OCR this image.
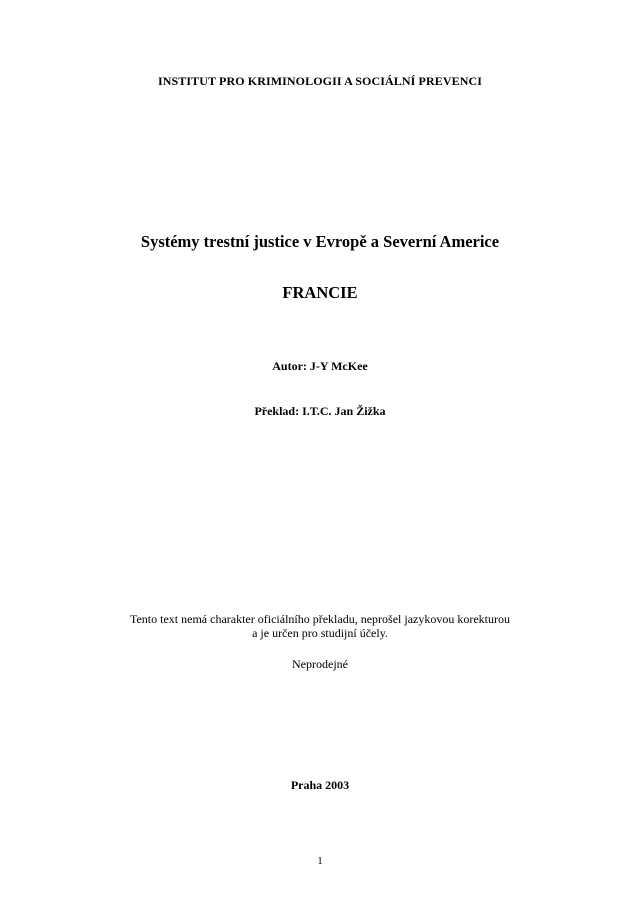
INSTITUT PRO KRIMINOLOGII A SOCIÁLNÍ PREVENCI
Systémy trestní justice v Evropě a Severní Americe
FRANCIE
Autor: J-Y McKee
Překlad: I.T.C. Jan Žižka
Tento text nemá charakter oficiálního překladu, neprošel jazykovou korekturou
a je určen pro studijní účely.
Neprodejné
Praha 2003
1
